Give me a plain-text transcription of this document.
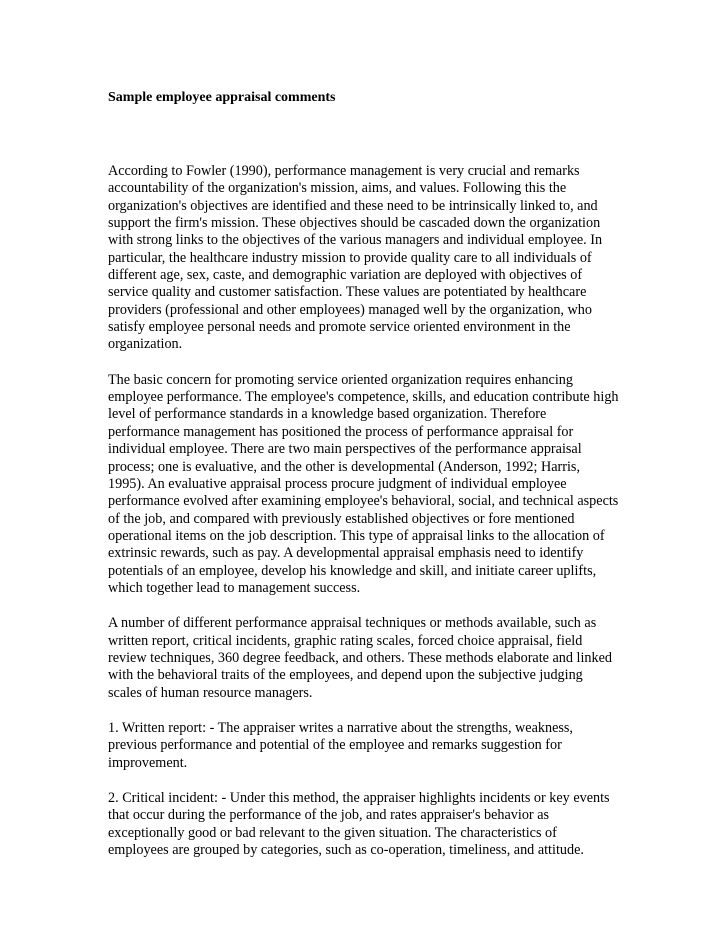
Sample employee appraisal comments
According to Fowler (1990), performance management is very crucial and remarks
accountability of the organization's mission, aims, and values. Following this the
organization's objectives are identified and these need to be intrinsically linked to, and
support the firm's mission. These objectives should be cascaded down the organization
with strong links to the objectives of the various managers and individual employee. In
particular, the healthcare industry mission to provide quality care to all individuals of
different age, sex, caste, and demographic variation are deployed with objectives of
service quality and customer satisfaction. These values are potentiated by healthcare
providers (professional and other employees) managed well by the organization, who
satisfy employee personal needs and promote service oriented environment in the
organization.
The basic concern for promoting service oriented organization requires enhancing
employee performance. The employee's competence, skills, and education contribute high
level of performance standards in a knowledge based organization. Therefore
performance management has positioned the process of performance appraisal for
individual employee. There are two main perspectives of the performance appraisal
process; one is evaluative, and the other is developmental (Anderson, 1992; Harris,
1995). An evaluative appraisal process procure judgment of individual employee
performance evolved after examining employee's behavioral, social, and technical aspects
of the job, and compared with previously established objectives or fore mentioned
operational items on the job description. This type of appraisal links to the allocation of
extrinsic rewards, such as pay. A developmental appraisal emphasis need to identify
potentials of an employee, develop his knowledge and skill, and initiate career uplifts,
which together lead to management success.
A number of different performance appraisal techniques or methods available, such as
written report, critical incidents, graphic rating scales, forced choice appraisal, field
review techniques, 360 degree feedback, and others. These methods elaborate and linked
with the behavioral traits of the employees, and depend upon the subjective judging
scales of human resource managers.
1. Written report: - The appraiser writes a narrative about the strengths, weakness,
previous performance and potential of the employee and remarks suggestion for
improvement.
2. Critical incident: - Under this method, the appraiser highlights incidents or key events
that occur during the performance of the job, and rates appraiser's behavior as
exceptionally good or bad relevant to the given situation. The characteristics of
employees are grouped by categories, such as co-operation, timeliness, and attitude.
